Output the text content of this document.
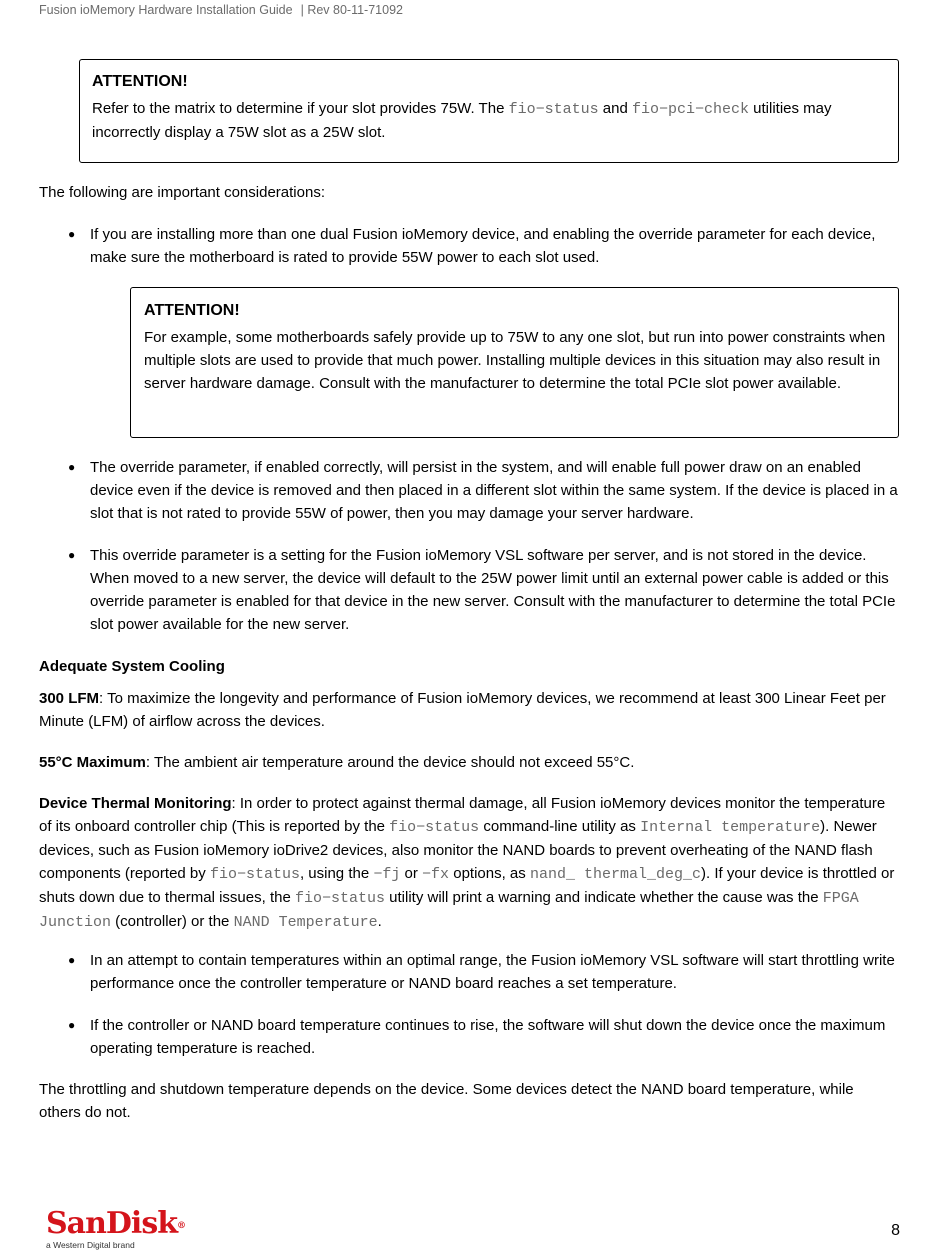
Fusion ioMemory Hardware Installation Guide | Rev 80-11-71092
ATTENTION!
Refer to the matrix to determine if your slot provides 75W. The fio−status and fio−pci−check utilities may incorrectly display a 75W slot as a 25W slot.

The following are important considerations:

● If you are installing more than one dual Fusion ioMemory device, and enabling the override parameter for each device, make sure the motherboard is rated to provide 55W power to each slot used.

ATTENTION!
For example, some motherboards safely provide up to 75W to any one slot, but run into power constraints when multiple slots are used to provide that much power. Installing multiple devices in this situation may also result in server hardware damage. Consult with the manufacturer to determine the total PCIe slot power available.
● The override parameter, if enabled correctly, will persist in the system, and will enable full power draw on an enabled device even if the device is removed and then placed in a different slot within the same system. If the device is placed in a slot that is not rated to provide 55W of power, then you may damage your server hardware.

● This override parameter is a setting for the Fusion ioMemory VSL software per server, and is not stored in the device. When moved to a new server, the device will default to the 25W power limit until an external power cable is added or this override parameter is enabled for that device in the new server. Consult with the manufacturer to determine the total PCIe slot power available for the new server.

Adequate System Cooling

300 LFM: To maximize the longevity and performance of Fusion ioMemory devices, we recommend at least 300 Linear Feet per Minute (LFM) of airflow across the devices.

55°C Maximum: The ambient air temperature around the device should not exceed 55°C.

Device Thermal Monitoring: In order to protect against thermal damage, all Fusion ioMemory devices monitor the temperature of its onboard controller chip (This is reported by the fio−status command-line utility as Internal temperature). Newer devices, such as Fusion ioMemory ioDrive2 devices, also monitor the NAND boards to prevent overheating of the NAND flash components (reported by fio−status, using the −fj or −fx options, as nand_ thermal_deg_c). If your device is throttled or shuts down due to thermal issues, the fio−status utility will print a warning and indicate whether the cause was the FPGA Junction (controller) or the NAND Temperature.

● In an attempt to contain temperatures within an optimal range, the Fusion ioMemory VSL software will start throttling write performance once the controller temperature or NAND board reaches a set temperature.

● If the controller or NAND board temperature continues to rise, the software will shut down the device once the maximum operating temperature is reached.

The throttling and shutdown temperature depends on the device. Some devices detect the NAND board temperature, while others do not.

SanDisk®
a Western Digital brand
8
